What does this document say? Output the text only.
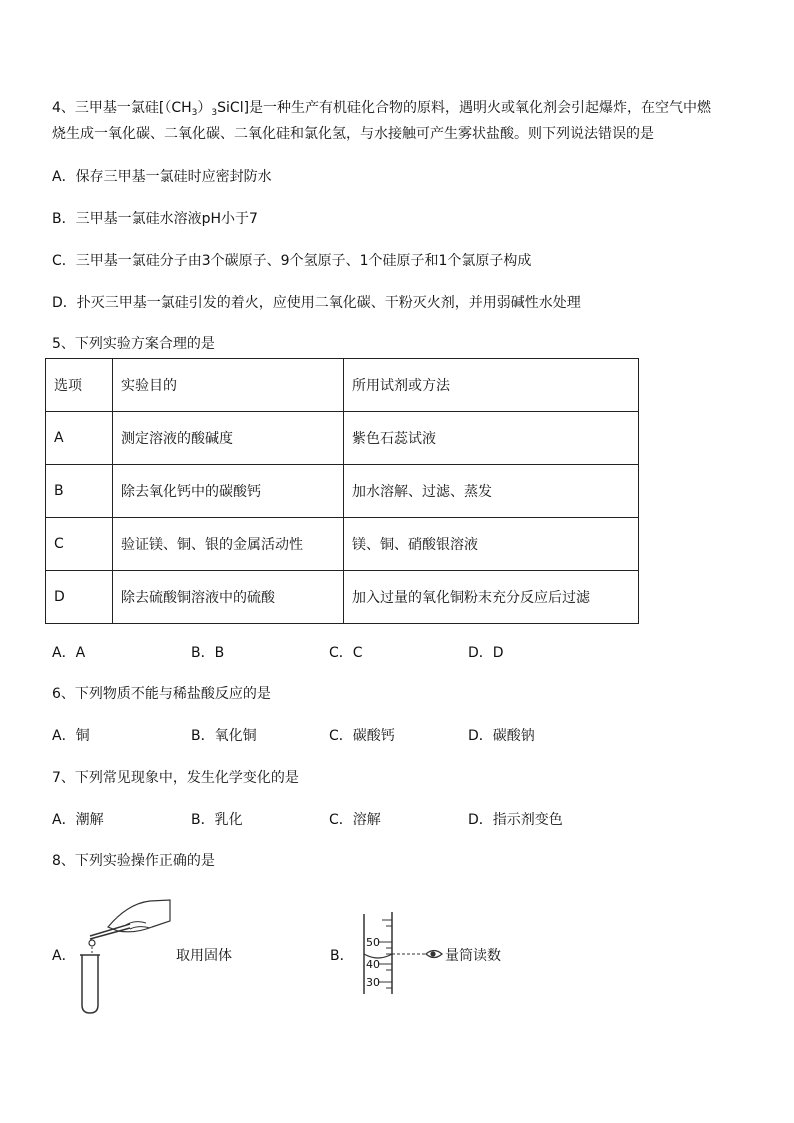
4、三甲基一氯硅$[(CH_3)_3SiCl]$是一种生产有机硅化合物的原料，遇明火或氧化剂会引起爆炸，在空气中燃
烧生成一氧化碳、二氧化碳、二氧化硅和氯化氢，与水接触可产生雾状盐酸。则下列说法错误的是
A．保存三甲基一氯硅时应密封防水
B．三甲基一氯硅水溶液pH小于7
C．三甲基一氯硅分子由3个碳原子、9个氢原子、1个硅原子和1个氯原子构成
D．扑灭三甲基一氯硅引发的着火，应使用二氧化碳、干粉灭火剂，并用弱碱性水处理
5、下列实验方案合理的是
选项	实验目的	所用试剂或方法
A	测定溶液的酸碱度	紫色石蕊试液
B	除去氧化钙中的碳酸钙	加水溶解、过滤、蒸发
C	验证镁、铜、银的金属活动性	镁、铜、硝酸银溶液
D	除去硫酸铜溶液中的硫酸	加入过量的氧化铜粉末充分反应后过滤
A．A	B．B	C．C	D．D
6、下列物质不能与稀盐酸反应的是
A．铜	B．氧化铜	C．碳酸钙	D．碳酸钠
7、下列常见现象中，发生化学变化的是
A．潮解	B．乳化	C．溶解	D．指示剂变色
8、下列实验操作正确的是
A．	取用固体	B．
50
40
30
量筒读数
